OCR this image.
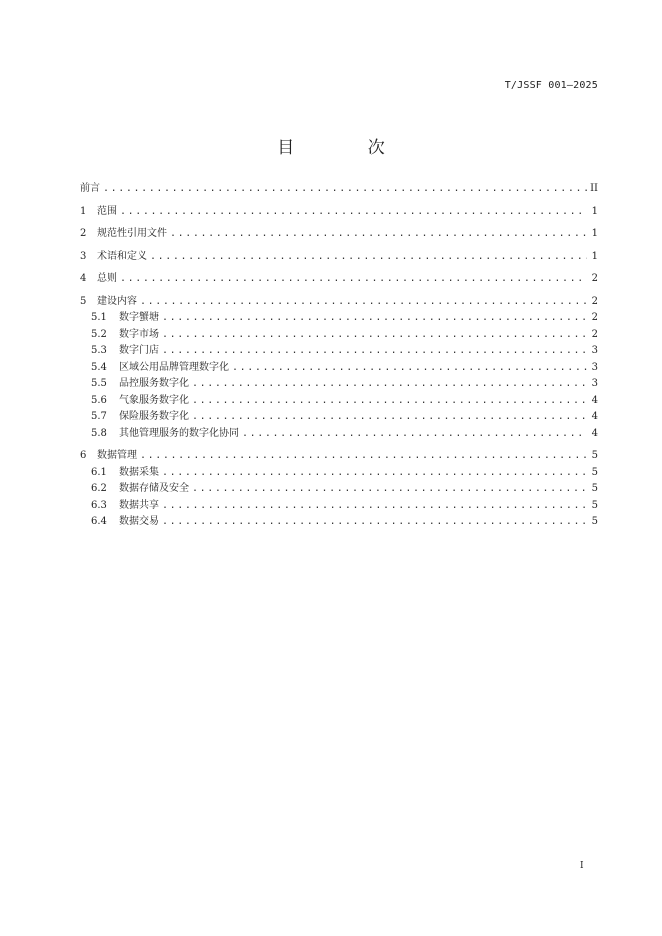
T/JSSF 001—2025
目 次
前言 .....	II
1	范围 .....	1
2	规范性引用文件 .....	1
3	术语和定义 .....	1
4	总则 .....	2
5	建设内容 .....	2
5.1	数字蟹塘 .....	2
5.2	数字市场 .....	2
5.3	数字门店 .....	3
5.4	区域公用品牌管理数字化 .....	3
5.5	品控服务数字化 .....	3
5.6	气象服务数字化 .....	4
5.7	保险服务数字化 .....	4
5.8	其他管理服务的数字化协同 .....	4
6	数据管理 .....	5
6.1	数据采集 .....	5
6.2	数据存储及安全 .....	5
6.3	数据共享 .....	5
6.4	数据交易 .....	5
I
